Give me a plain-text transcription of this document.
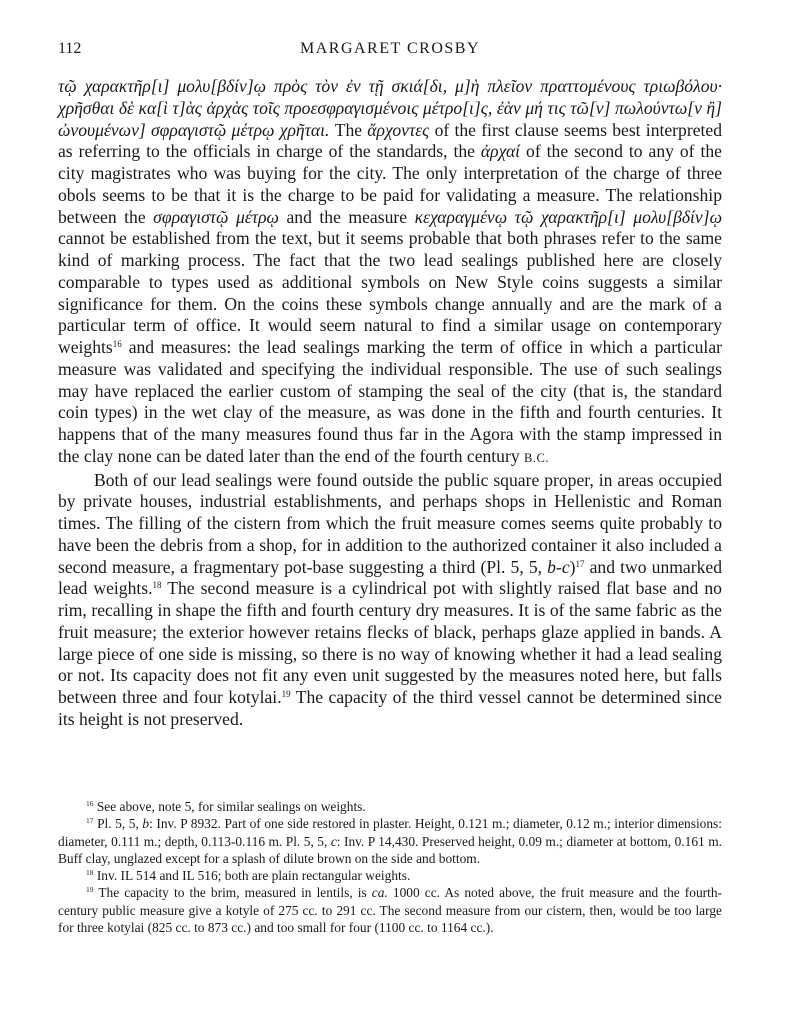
112	MARGARET CROSBY

τῷ χαρακτῆρ[ι] μολυ[βδίν]ῳ πρὸς τὸν ἐν τῇ σκιά[δι, μ]ὴ πλεῖον πραττομένους τριωβόλου· χρῆσθαι δὲ κα[ὶ τ]ὰς ἀρχὰς τοῖς προεσφραγισμένοις μέτρο[ι]ς, ἐὰν μή τις τῶ[ν] πωλούντω[ν ἢ] ὠνουμένων] σφραγιστῷ μέτρῳ χρῆται. The ἄρχοντες of the first clause seems best interpreted as referring to the officials in charge of the standards, the ἀρχαί of the second to any of the city magistrates who was buying for the city. The only interpretation of the charge of three obols seems to be that it is the charge to be paid for validating a measure. The relationship between the σφραγιστῷ μέτρῳ and the measure κεχαραγμένῳ τῷ χαρακτῆρ[ι] μολυ[βδίν]ῳ cannot be established from the text, but it seems probable that both phrases refer to the same kind of marking process. The fact that the two lead sealings published here are closely comparable to types used as additional symbols on New Style coins suggests a similar significance for them. On the coins these symbols change annually and are the mark of a particular term of office. It would seem natural to find a similar usage on contemporary weights$^{16}$ and measures: the lead sealings marking the term of office in which a particular measure was validated and specifying the individual responsible. The use of such sealings may have replaced the earlier custom of stamping the seal of the city (that is, the standard coin types) in the wet clay of the measure, as was done in the fifth and fourth centuries. It happens that of the many measures found thus far in the Agora with the stamp impressed in the clay none can be dated later than the end of the fourth century B.C.

Both of our lead sealings were found outside the public square proper, in areas occupied by private houses, industrial establishments, and perhaps shops in Hellenistic and Roman times. The filling of the cistern from which the fruit measure comes seems quite probably to have been the debris from a shop, for in addition to the authorized container it also included a second measure, a fragmentary pot-base suggesting a third (Pl. 5, 5, b-c)$^{17}$ and two unmarked lead weights.$^{18}$ The second measure is a cylindrical pot with slightly raised flat base and no rim, recalling in shape the fifth and fourth century dry measures. It is of the same fabric as the fruit measure; the exterior however retains flecks of black, perhaps glaze applied in bands. A large piece of one side is missing, so there is no way of knowing whether it had a lead sealing or not. Its capacity does not fit any even unit suggested by the measures noted here, but falls between three and four kotylai.$^{19}$ The capacity of the third vessel cannot be determined since its height is not preserved.

$^{16}$ See above, note 5, for similar sealings on weights.

$^{17}$ Pl. 5, 5, b: Inv. P 8932. Part of one side restored in plaster. Height, 0.121 m.; diameter, 0.12 m.; interior dimensions: diameter, 0.111 m.; depth, 0.113-0.116 m. Pl. 5, 5, c: Inv. P 14,430. Preserved height, 0.09 m.; diameter at bottom, 0.161 m. Buff clay, unglazed except for a splash of dilute brown on the side and bottom.

$^{18}$ Inv. IL 514 and IL 516; both are plain rectangular weights.

$^{19}$ The capacity to the brim, measured in lentils, is ca. 1000 cc. As noted above, the fruit measure and the fourth-century public measure give a kotyle of 275 cc. to 291 cc. The second measure from our cistern, then, would be too large for three kotylai (825 cc. to 873 cc.) and too small for four (1100 cc. to 1164 cc.).
